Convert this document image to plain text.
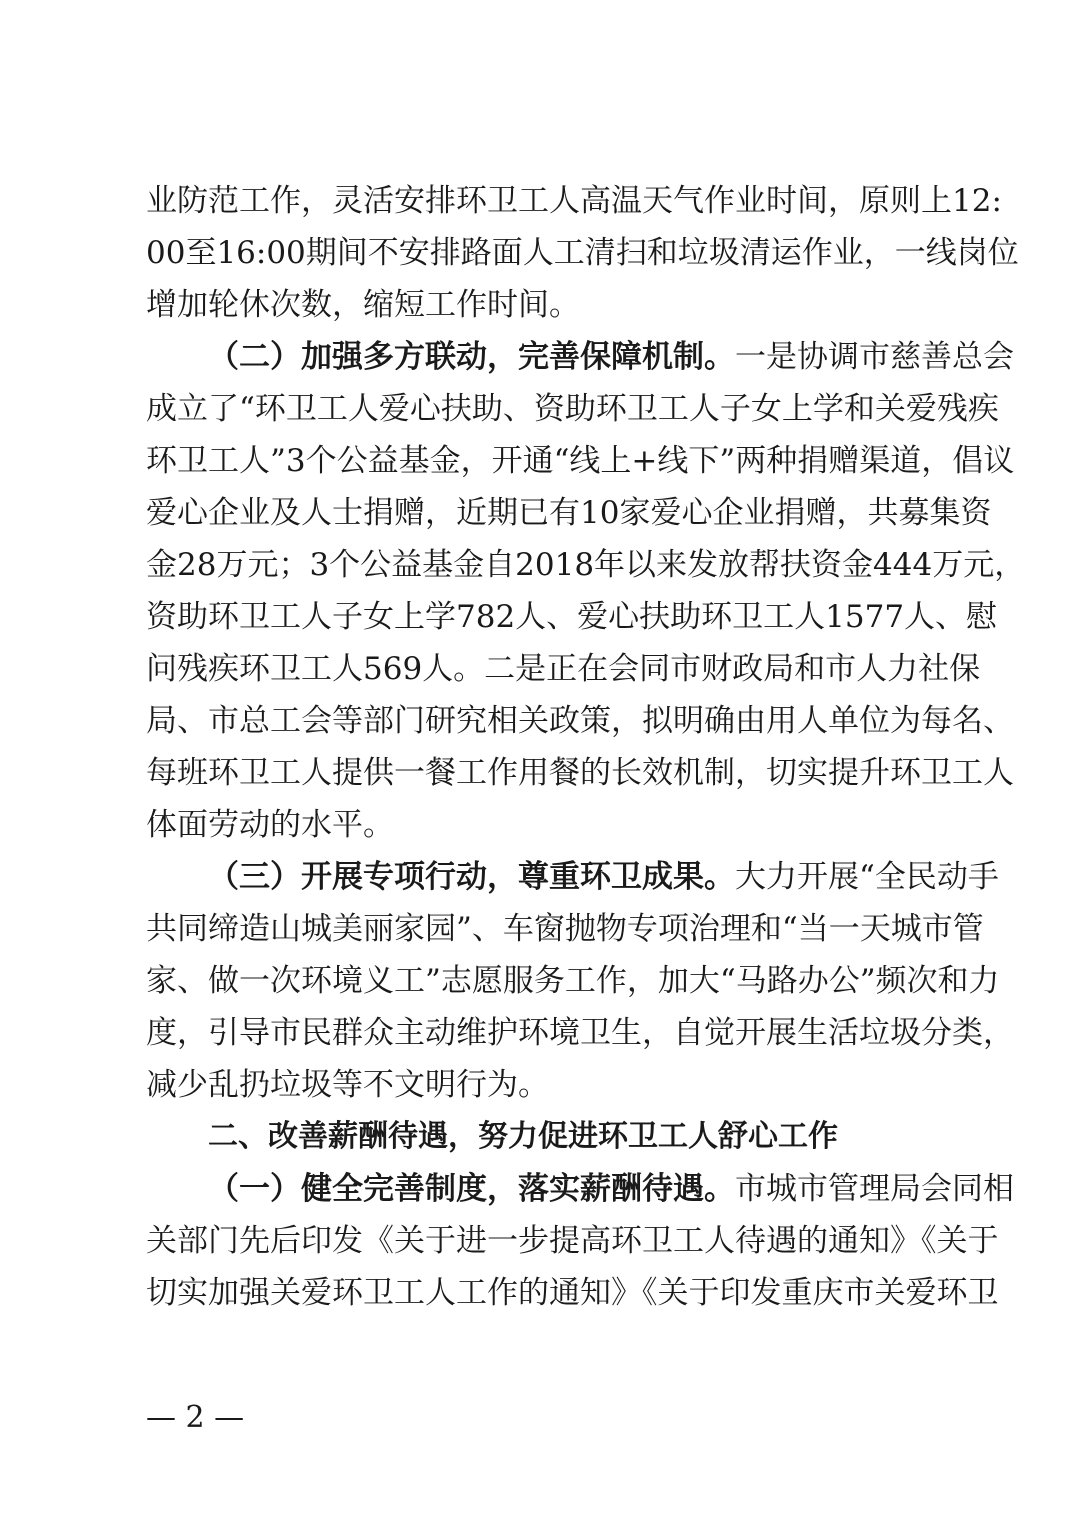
业防范工作，灵活安排环卫工人高温天气作业时间，原则上12:
00至16:00期间不安排路面人工清扫和垃圾清运作业，一线岗位
增加轮休次数，缩短工作时间。
（二）加强多方联动，完善保障机制。一是协调市慈善总会
成立了“环卫工人爱心扶助、资助环卫工人子女上学和关爱残疾
环卫工人”3个公益基金，开通“线上+线下”两种捐赠渠道，倡议
爱心企业及人士捐赠，近期已有10家爱心企业捐赠，共募集资
金28万元；3个公益基金自2018年以来发放帮扶资金444万元，
资助环卫工人子女上学782人、爱心扶助环卫工人1577人、慰
问残疾环卫工人569人。二是正在会同市财政局和市人力社保
局、市总工会等部门研究相关政策，拟明确由用人单位为每名、
每班环卫工人提供一餐工作用餐的长效机制，切实提升环卫工人
体面劳动的水平。
（三）开展专项行动，尊重环卫成果。大力开展“全民动手
共同缔造山城美丽家园”、车窗抛物专项治理和“当一天城市管
家、做一次环境义工”志愿服务工作，加大“马路办公”频次和力
度，引导市民群众主动维护环境卫生，自觉开展生活垃圾分类，
减少乱扔垃圾等不文明行为。
二、改善薪酬待遇，努力促进环卫工人舒心工作
（一）健全完善制度，落实薪酬待遇。市城市管理局会同相
关部门先后印发《关于进一步提高环卫工人待遇的通知》《关于
切实加强关爱环卫工人工作的通知》《关于印发重庆市关爱环卫
— 2 —
